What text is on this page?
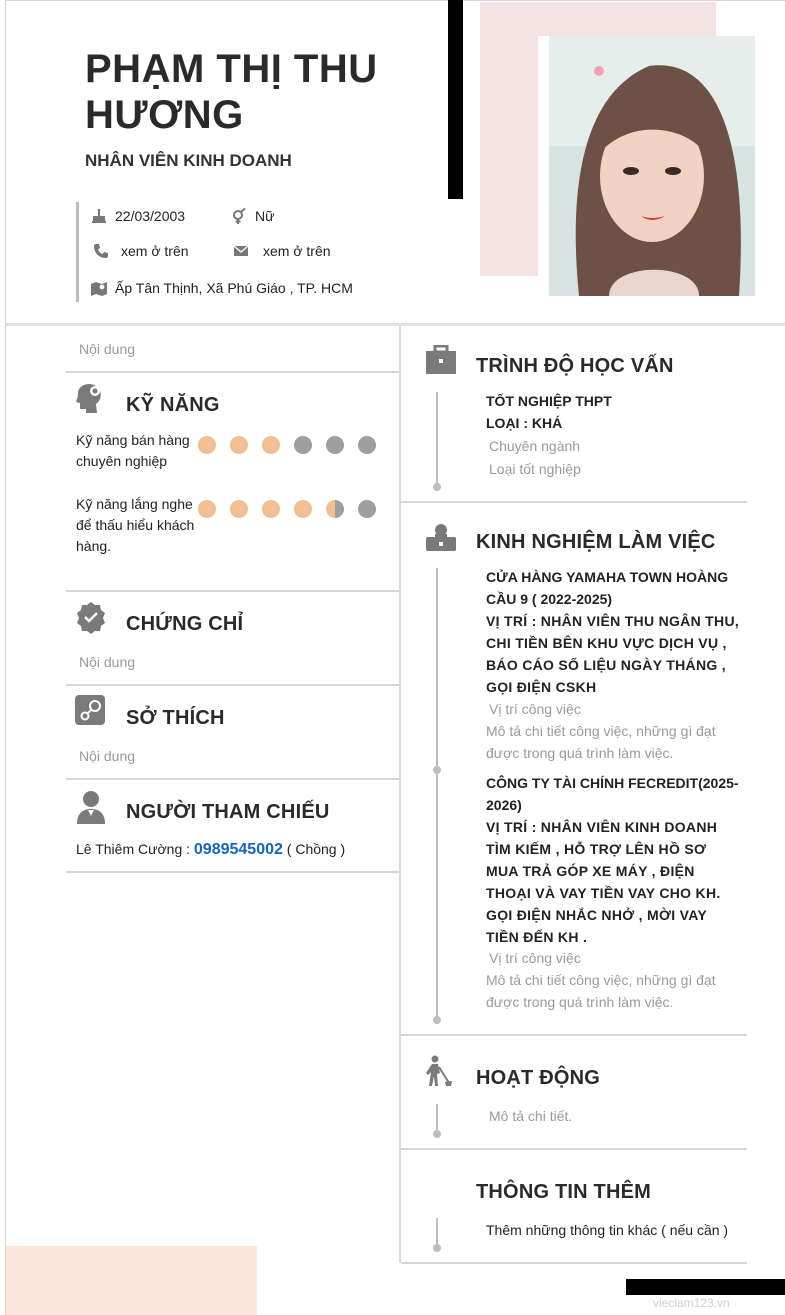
PHẠM THỊ THU HƯƠNG
NHÂN VIÊN KINH DOANH
22/03/2003	Nữ
xem ở trên	xem ở trên
Ấp Tân Thịnh, Xã Phú Giáo , TP. HCM
Nội dung
KỸ NĂNG
Kỹ năng bán hàng chuyên nghiệp
Kỹ năng lắng nghe để thấu hiểu khách hàng.
CHỨNG CHỈ
Nội dung
SỞ THÍCH
Nội dung
NGƯỜI THAM CHIẾU
Lê Thiêm Cường : 0989545002 ( Chồng )
TRÌNH ĐỘ HỌC VẤN
TỐT NGHIỆP THPT
LOẠI : KHÁ
Chuyên ngành
Loại tốt nghiệp
KINH NGHIỆM LÀM VIỆC
CỬA HÀNG YAMAHA TOWN HOÀNG CẦU 9 ( 2022-2025)
VỊ TRÍ : NHÂN VIÊN THU NGÂN THU, CHI TIỀN BÊN KHU VỰC DỊCH VỤ , BÁO CÁO SỐ LIỆU NGÀY THÁNG , GỌI ĐIỆN CSKH
Vị trí công việc
Mô tả chi tiết công việc, những gì đạt được trong quá trình làm việc.
CÔNG TY TÀI CHÍNH FECREDIT(2025-2026)
VỊ TRÍ : NHÂN VIÊN KINH DOANH TÌM KIẾM , HỖ TRỢ LÊN HỒ SƠ MUA TRẢ GÓP XE MÁY , ĐIỆN THOẠI VÀ VAY TIỀN VAY CHO KH. GỌI ĐIỆN NHẮC NHỞ , MỜI VAY TIỀN ĐẾN KH .
Vị trí công việc
Mô tả chi tiết công việc, những gì đạt được trong quá trình làm việc.
HOẠT ĐỘNG
Mô tả chi tiết.
THÔNG TIN THÊM
Thêm những thông tin khác ( nếu cần )
vieclam123.vn
